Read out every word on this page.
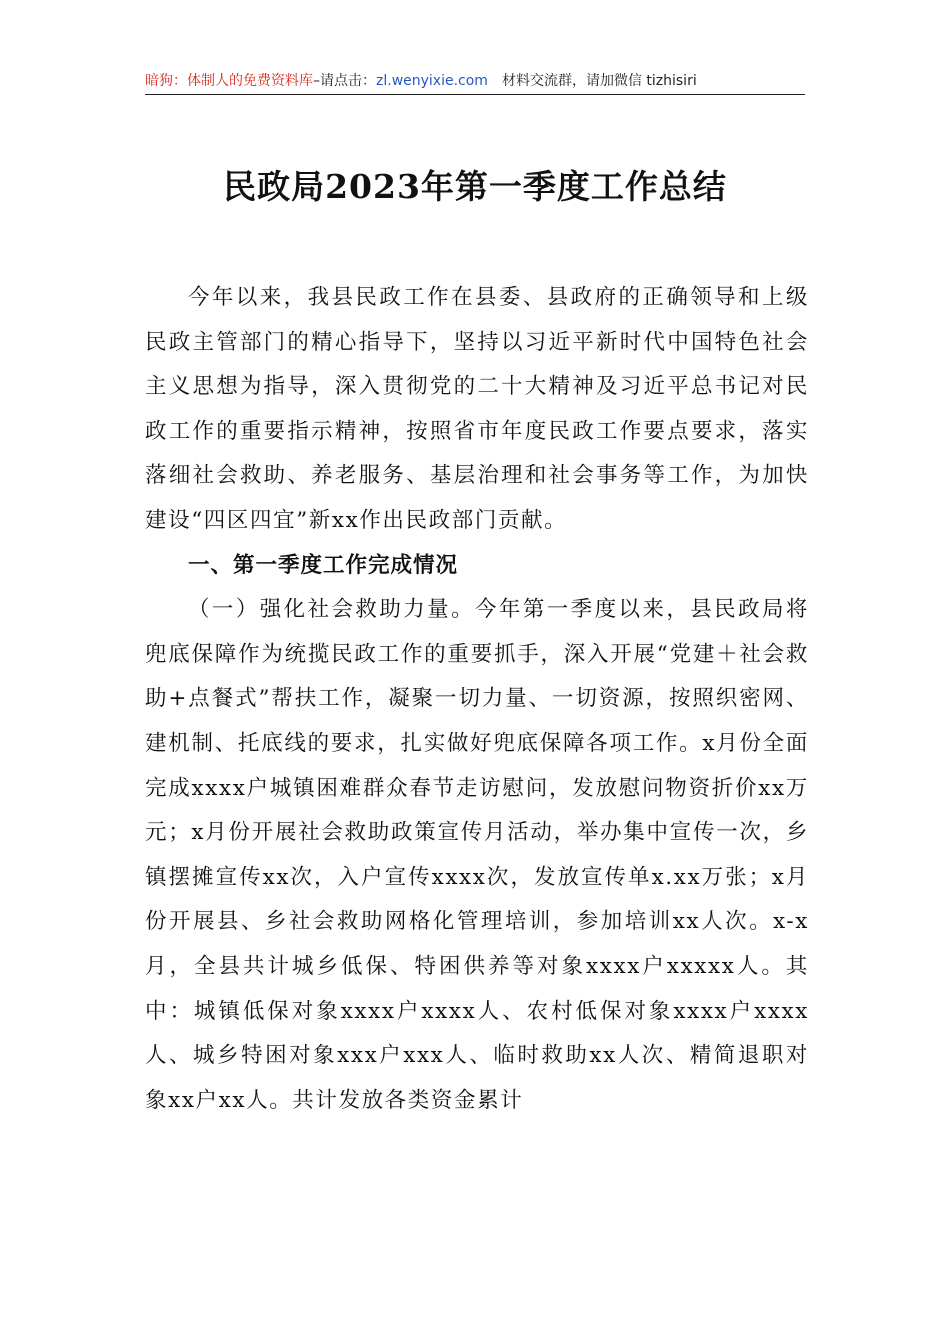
暗狗：体制人的免费资料库–请点击：zl.wenyixie.com 材料交流群，请加微信 tizhisiri
民政局2023年第一季度工作总结

今年以来，我县民政工作在县委、县政府的正确领导和上级民政主管部门的精心指导下，坚持以习近平新时代中国特色社会主义思想为指导，深入贯彻党的二十大精神及习近平总书记对民政工作的重要指示精神，按照省市年度民政工作要点要求，落实落细社会救助、养老服务、基层治理和社会事务等工作，为加快建设“四区四宜”新xx作出民政部门贡献。

一、第一季度工作完成情况

（一）强化社会救助力量。今年第一季度以来，县民政局将兜底保障作为统揽民政工作的重要抓手，深入开展“党建＋社会救助+点餐式”帮扶工作，凝聚一切力量、一切资源，按照织密网、建机制、托底线的要求，扎实做好兜底保障各项工作。x月份全面完成xxxx户城镇困难群众春节走访慰问，发放慰问物资折价xx万元；x月份开展社会救助政策宣传月活动，举办集中宣传一次，乡镇摆摊宣传xx次，入户宣传xxxx次，发放宣传单x.xx万张；x月份开展县、乡社会救助网格化管理培训，参加培训xx人次。x-x月，全县共计城乡低保、特困供养等对象xxxx户xxxxx人。其中：城镇低保对象xxxx户xxxx人、农村低保对象xxxx户xxxx人、城乡特困对象xxx户xxx人、临时救助xx人次、精简退职对象xx户xx人。共计发放各类资金累计
